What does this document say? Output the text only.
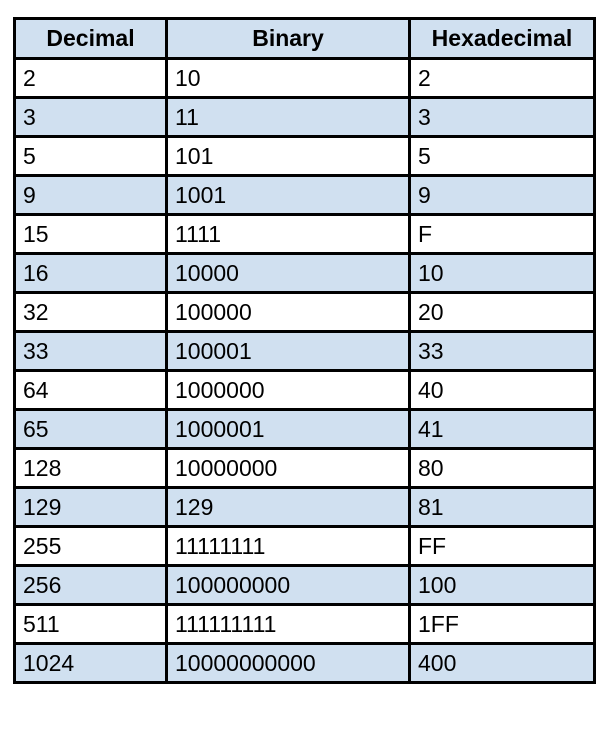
Decimal	Binary	Hexadecimal
2	10	2
3	11	3
5	101	5
9	1001	9
15	1111	F
16	10000	10
32	100000	20
33	100001	33
64	1000000	40
65	1000001	41
128	10000000	80
129	129	81
255	11111111	FF
256	100000000	100
511	111111111	1FF
1024	10000000000	400
